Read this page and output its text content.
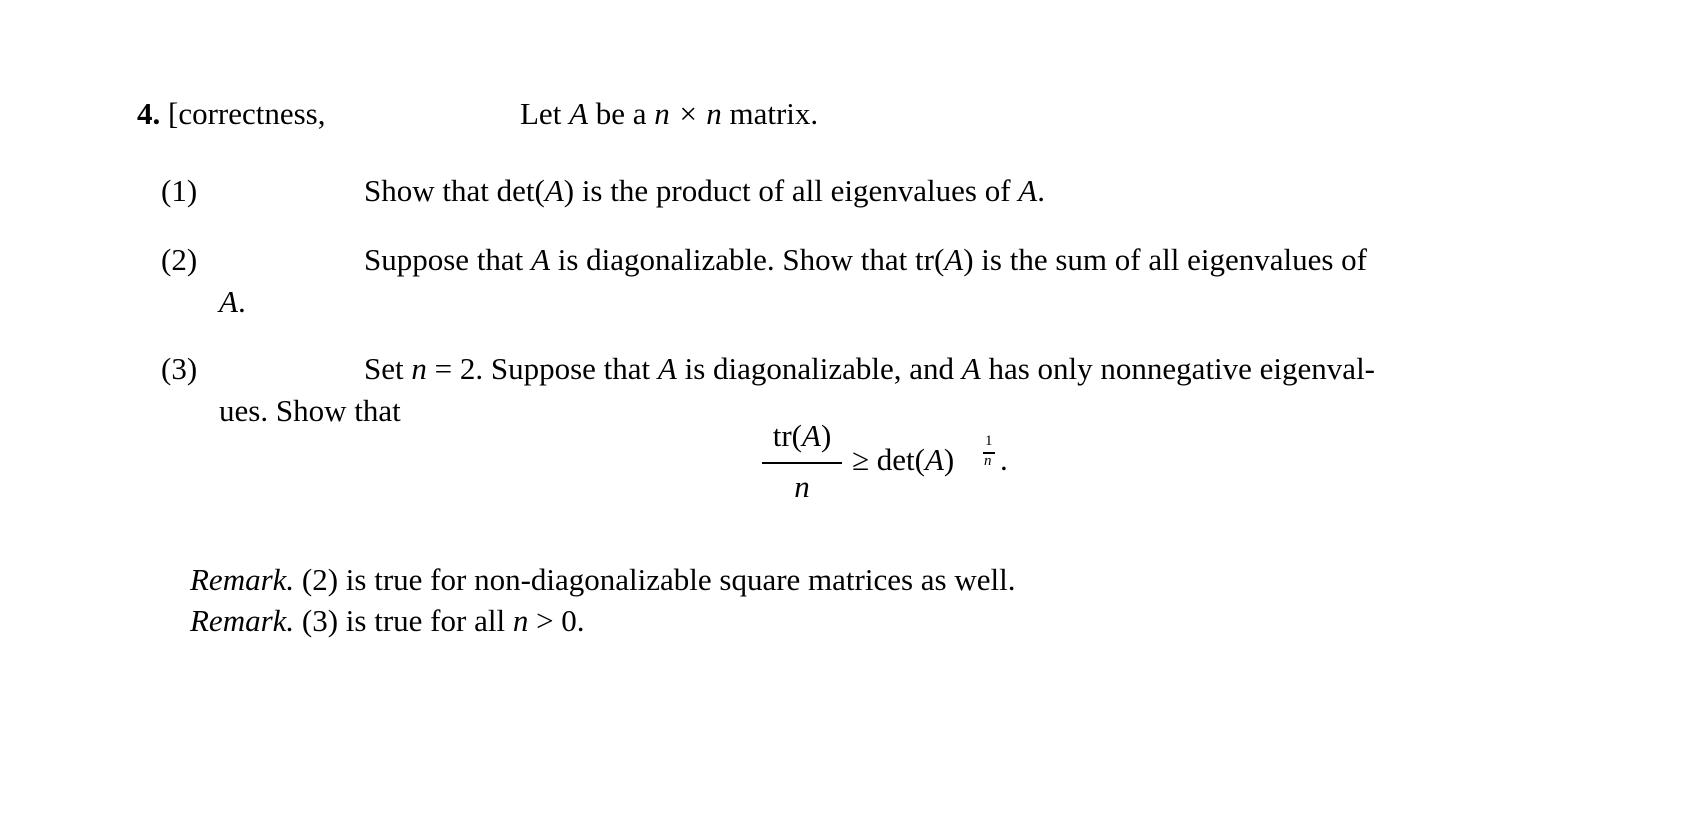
4. [correctness,	Let A be a n × n matrix.
(1)	Show that det(A) is the product of all eigenvalues of A.
(2)	Suppose that A is diagonalizable. Show that tr(A) is the sum of all eigenvalues of
A.
(3)	Set n = 2. Suppose that A is diagonalizable, and A has only nonnegative eigenval-
ues. Show that
tr(A)
n
≥ det(A)
1
n .
Remark. (2) is true for non-diagonalizable square matrices as well.
Remark. (3) is true for all n > 0.
